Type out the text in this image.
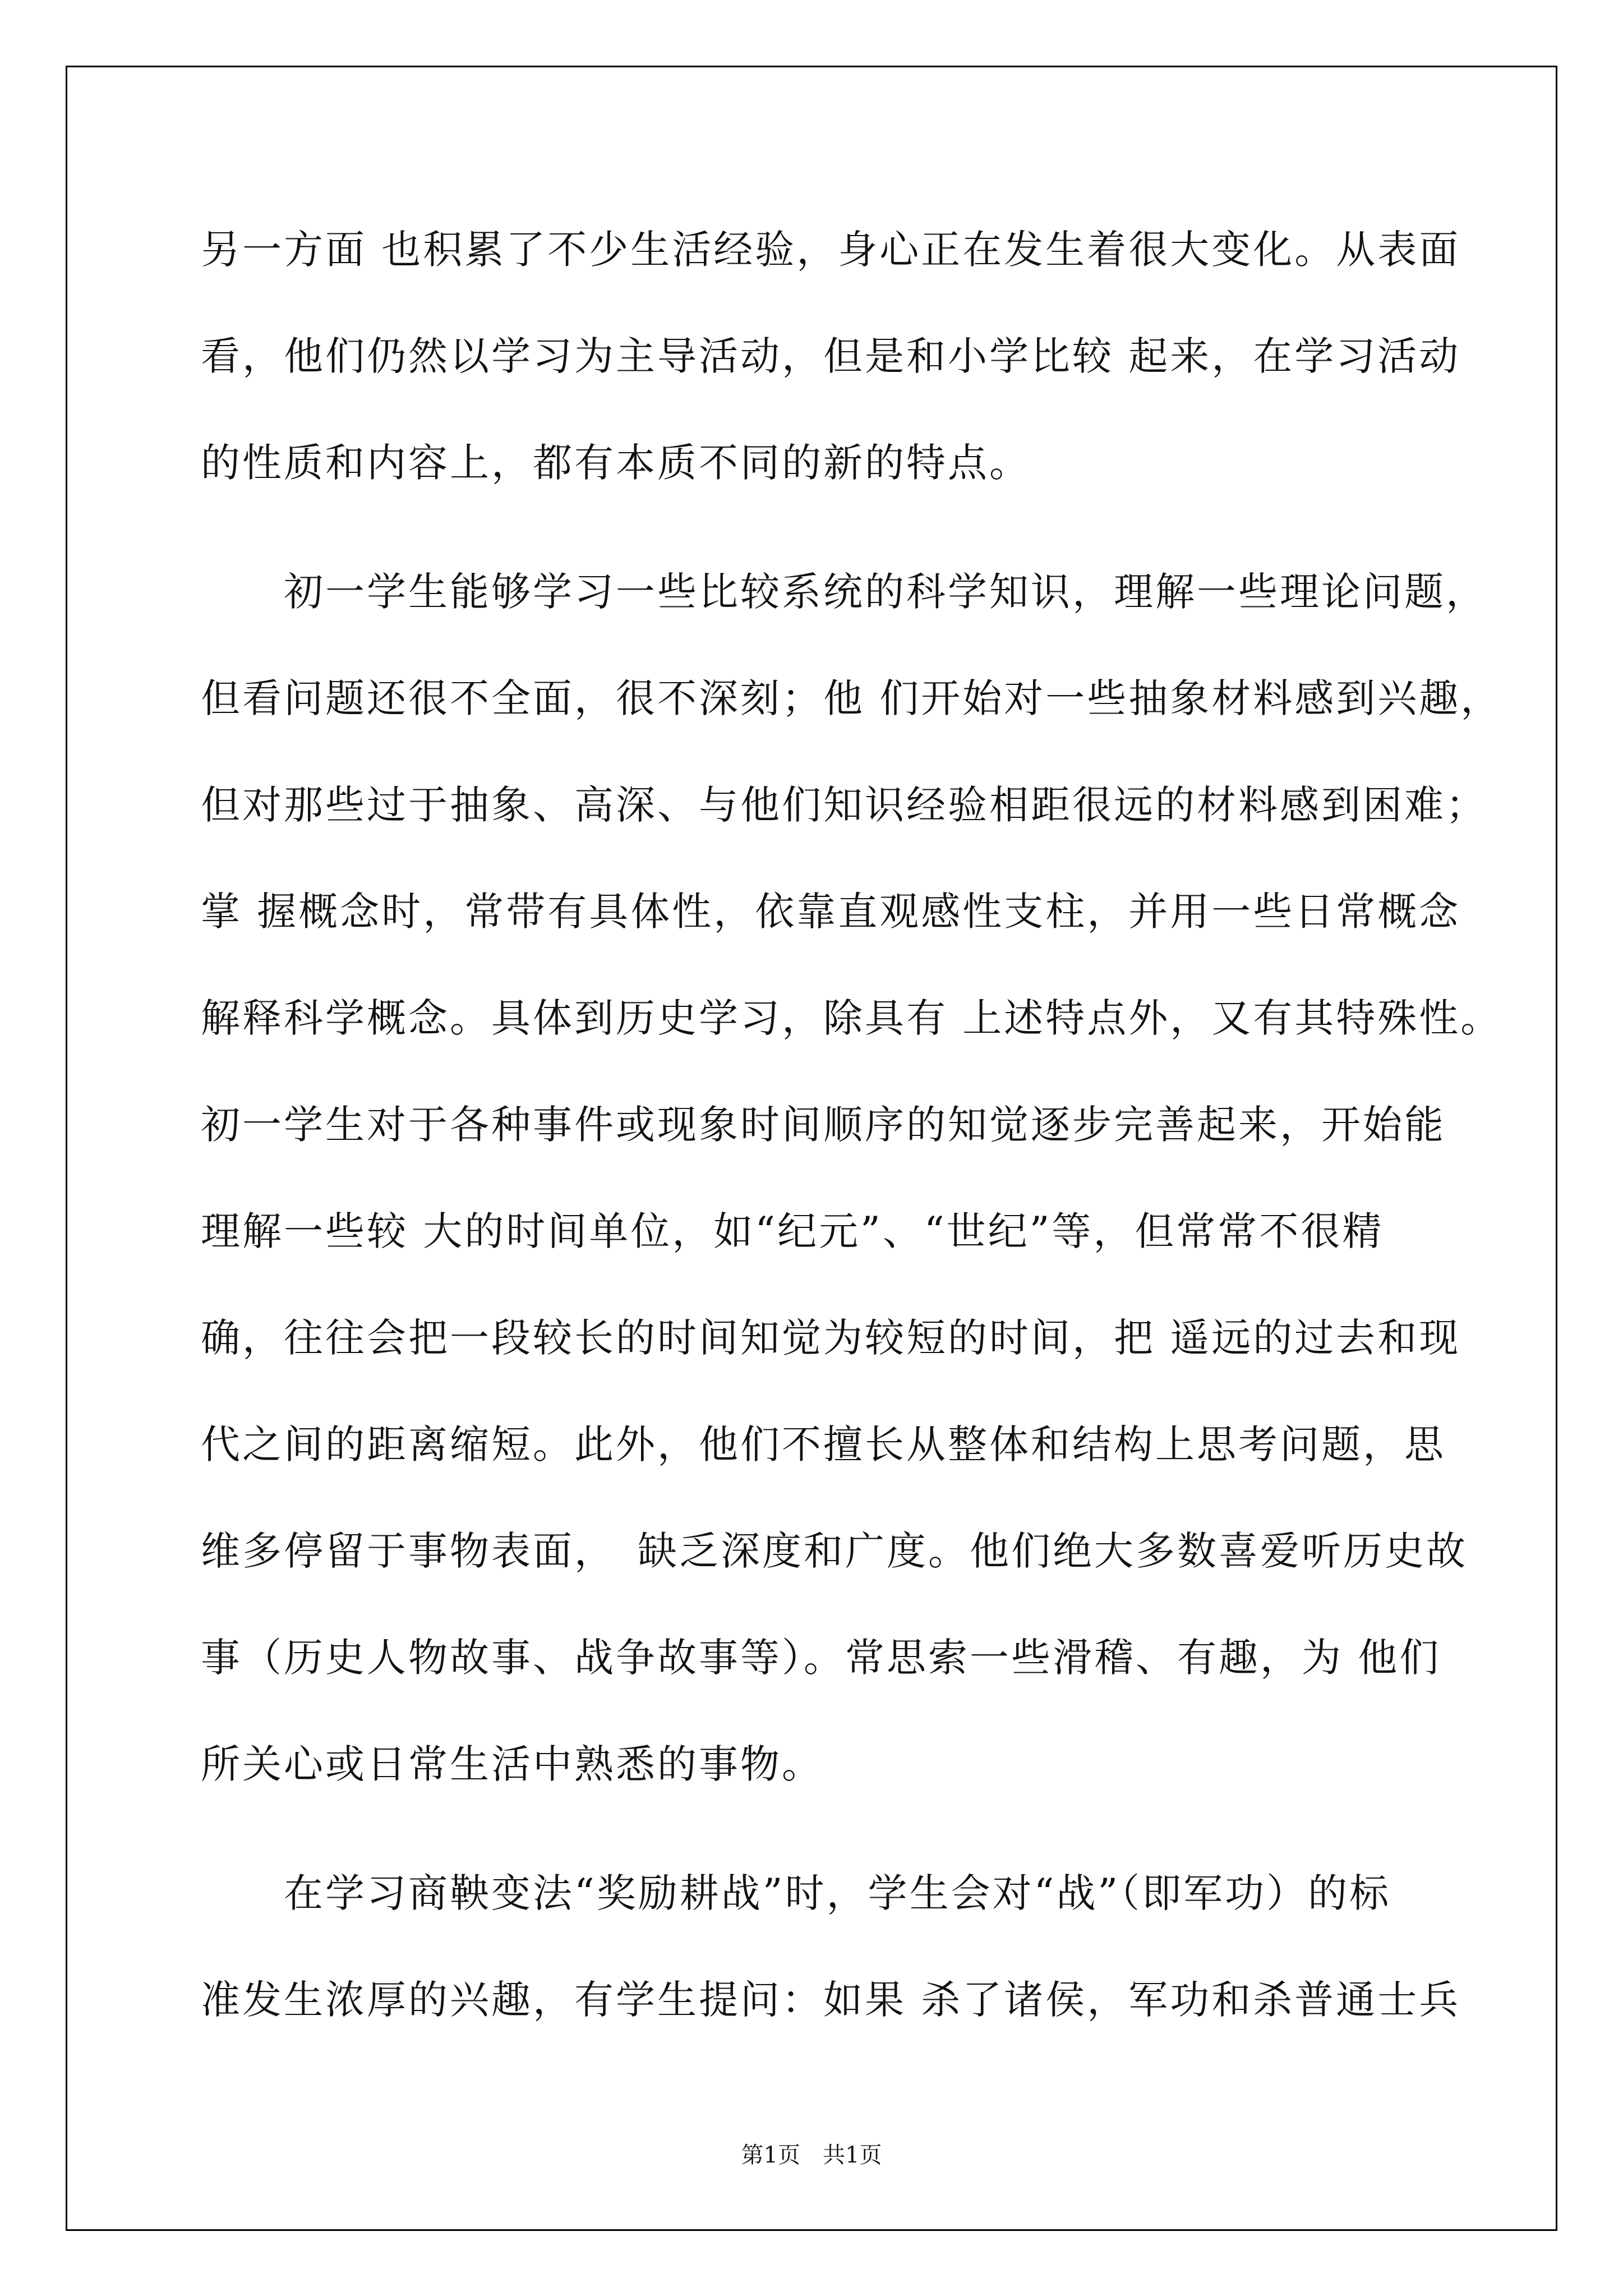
另一方面 也积累了不少生活经验，身心正在发生着很大变化。从表面
看，他们仍然以学习为主导活动，但是和小学比较 起来，在学习活动
的性质和内容上，都有本质不同的新的特点。
　　初一学生能够学习一些比较系统的科学知识，理解一些理论问题，
但看问题还很不全面，很不深刻；他 们开始对一些抽象材料感到兴趣，
但对那些过于抽象、高深、与他们知识经验相距很远的材料感到困难；
掌 握概念时，常带有具体性，依靠直观感性支柱，并用一些日常概念
解释科学概念。具体到历史学习，除具有 上述特点外，又有其特殊性。
初一学生对于各种事件或现象时间顺序的知觉逐步完善起来，开始能
理解一些较 大的时间单位，如“纪元”、“世纪”等，但常常不很精
确，往往会把一段较长的时间知觉为较短的时间，把 遥远的过去和现
代之间的距离缩短。此外，他们不擅长从整体和结构上思考问题，思
维多停留于事物表面，　缺乏深度和广度。他们绝大多数喜爱听历史故
事（历史人物故事、战争故事等）。常思索一些滑稽、有趣，为 他们
所关心或日常生活中熟悉的事物。
　　在学习商鞅变法“奖励耕战”时，学生会对“战”（即军功）的标
准发生浓厚的兴趣，有学生提问：如果 杀了诸侯，军功和杀普通士兵
第1页　共1页
